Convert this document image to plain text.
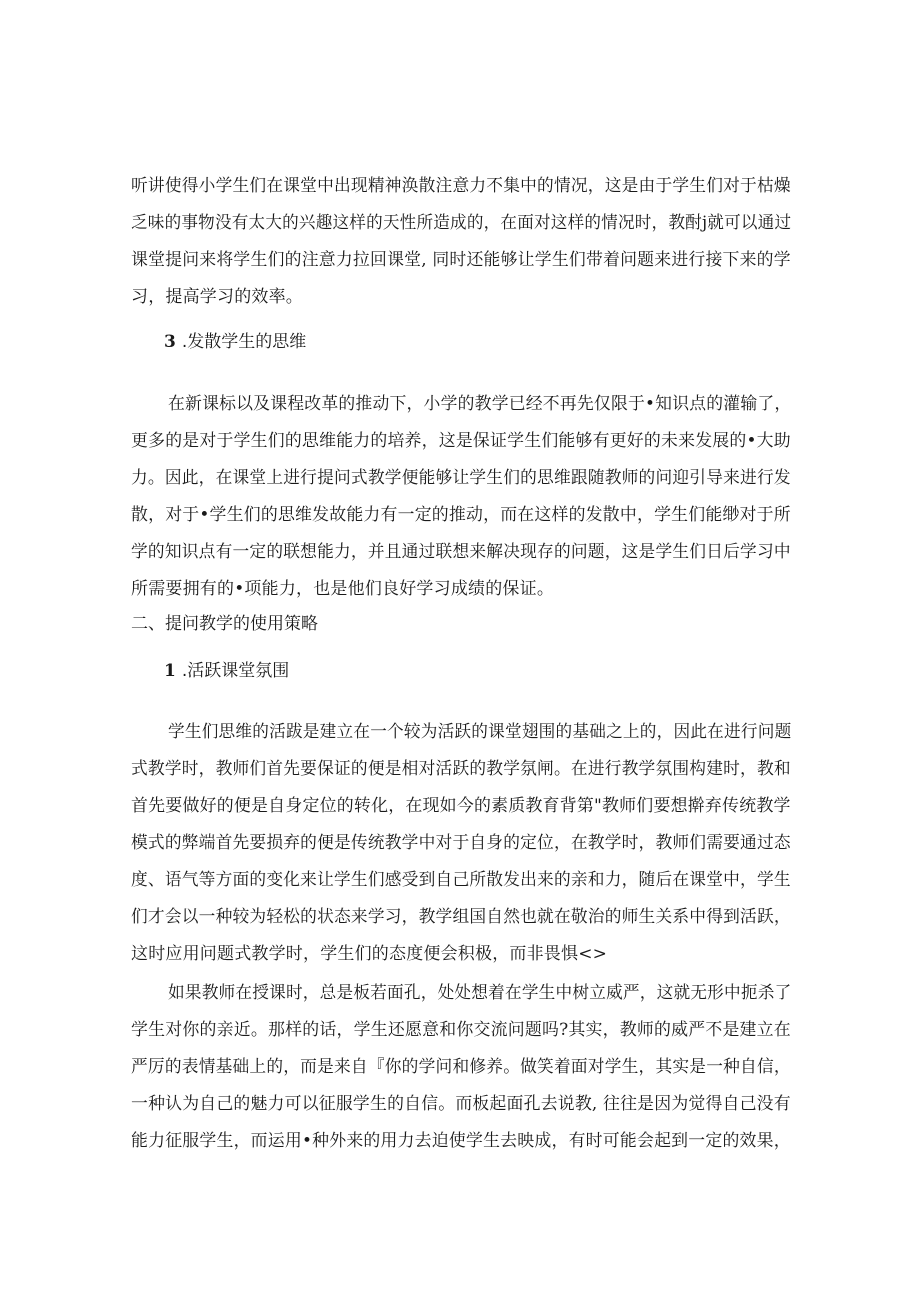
听讲使得小学生们在课堂中出现精神涣散注意力不集中的情况，这是由于学生们对于枯燥
乏味的事物没有太大的兴趣这样的天性所造成的，在面对这样的情况时，教酎j就可以通过
课堂提问来将学生们的注意力拉回课堂, 同时还能够让学生们带着问题来进行接下来的学
习，提高学习的效率。
3 .发散学生的思维
在新课标以及课程改革的推动下，小学的教学已经不再先仅限于•知识点的灌输了，
更多的是对于学生们的思维能力的培养，这是保证学生们能够有更好的未来发展的•大助
力。因此，在课堂上进行提问式教学便能够让学生们的思维跟随教师的问迎引导来进行发
散，对于•学生们的思维发故能力有一定的推动，而在这样的发散中，学生们能缈对于所
学的知识点有一定的联想能力，并且通过联想来解决现存的问题，这是学生们日后学习中
所需要拥有的•项能力，也是他们良好学习成绩的保证。
二、提问教学的使用策略
1 .活跃课堂氛围
学生们思维的活跋是建立在一个较为活跃的课堂翅围的基础之上的，因此在进行问题
式教学时，教师们首先要保证的便是相对活跃的教学氛闸。在进行教学氛围构建时，教和
首先要做好的便是自身定位的转化，在现如今的素质教育背第"教师们要想擀弃传统教学
模式的弊端首先要损弃的便是传统教学中对于自身的定位，在教学时，教师们需要通过态
度、语气等方面的变化来让学生们感受到自己所散发出来的亲和力，随后在课堂中，学生
们才会以一种较为轻松的状态来学习，教学组国自然也就在敬治的师生关系中得到活跃，
这时应用问题式教学时，学生们的态度便会积极，而非畏惧<>
如果教师在授课时，总是板若面孔，处处想着在学生中树立威严，这就无形中扼杀了
学生对你的亲近。那样的话，学生还愿意和你交流问题吗?其实，教师的威严不是建立在
严厉的表情基础上的，而是来自『你的学问和修养。做笑着面对学生，其实是一种自信，
一种认为自己的魅力可以征服学生的自信。而板起面孔去说教, 往往是因为觉得自己没有
能力征服学生，而运用•种外来的用力去迫使学生去映成，有时可能会起到一定的效果，
